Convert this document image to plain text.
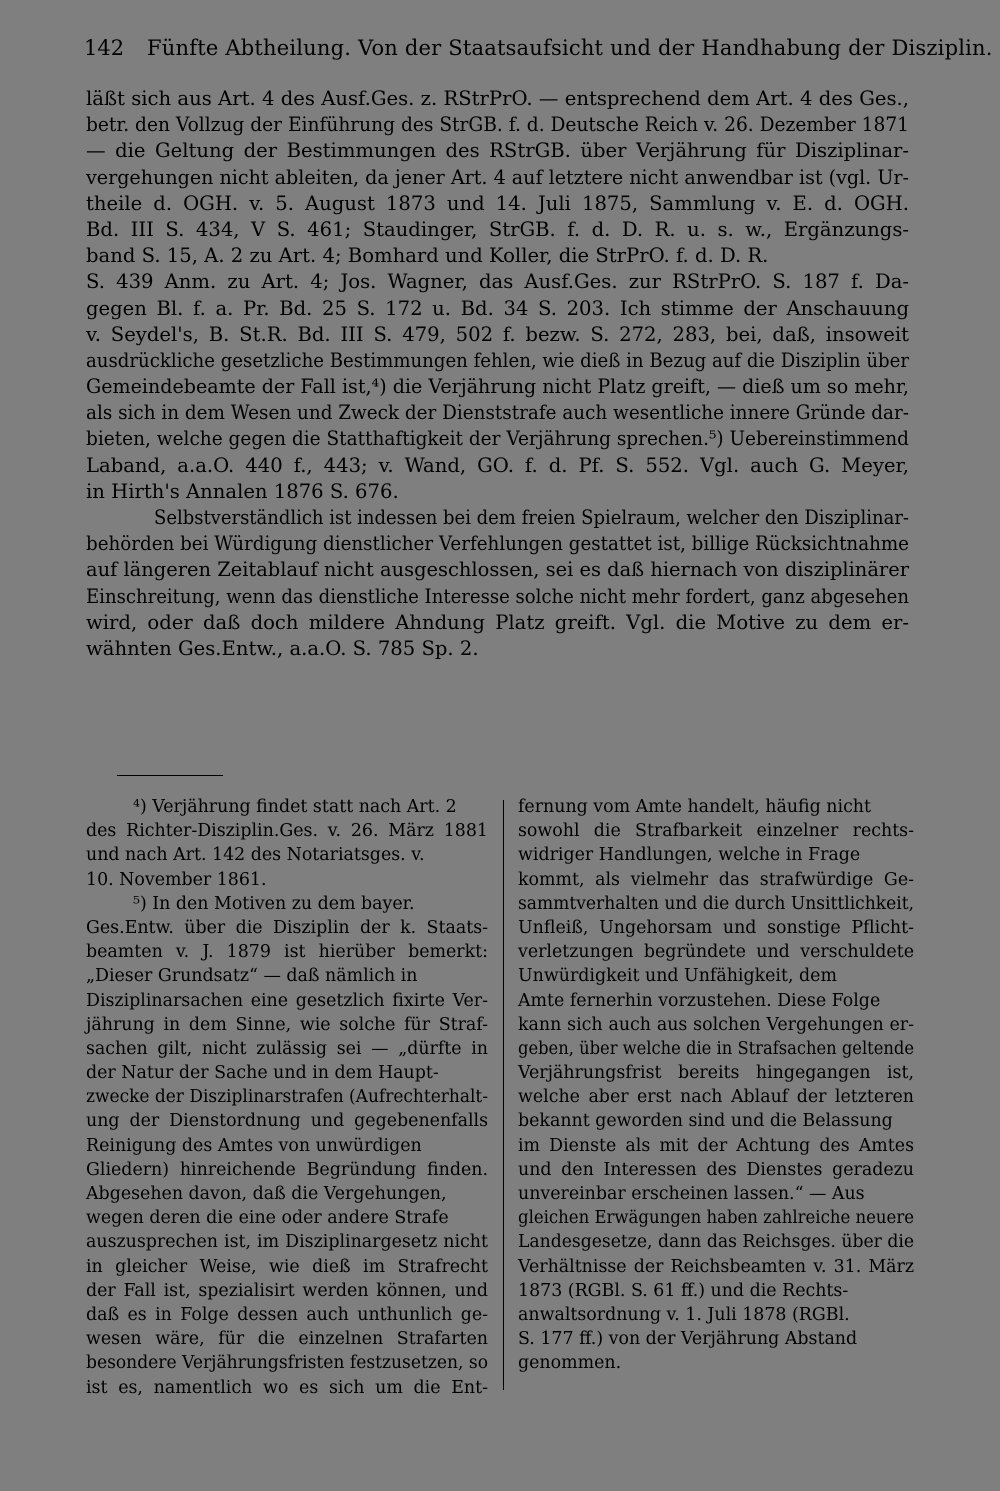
142 Fünfte Abtheilung. Von der Staatsaufsicht und der Handhabung der Disziplin.
läßt sich aus Art. 4 des Ausf.Ges. z. RStrPrO. — entsprechend dem Art. 4 des Ges.,
betr. den Vollzug der Einführung des StrGB. f. d. Deutsche Reich v. 26. Dezember 1871
— die Geltung der Bestimmungen des RStrGB. über Verjährung für Disziplinar-
vergehungen nicht ableiten, da jener Art. 4 auf letztere nicht anwendbar ist (vgl. Ur-
theile d. OGH. v. 5. August 1873 und 14. Juli 1875, Sammlung v. E. d. OGH.
Bd. III S. 434, V S. 461; Staudinger, StrGB. f. d. D. R. u. s. w., Ergänzungs-
band S. 15, A. 2 zu Art. 4; Bomhard und Koller, die StrPrO. f. d. D. R.
S. 439 Anm. zu Art. 4; Jos. Wagner, das Ausf.Ges. zur RStrPrO. S. 187 f. Da-
gegen Bl. f. a. Pr. Bd. 25 S. 172 u. Bd. 34 S. 203. Ich stimme der Anschauung
v. Seydel's, B. St.R. Bd. III S. 479, 502 f. bezw. S. 272, 283, bei, daß, insoweit
ausdrückliche gesetzliche Bestimmungen fehlen, wie dieß in Bezug auf die Disziplin über
Gemeindebeamte der Fall ist,⁴) die Verjährung nicht Platz greift, — dieß um so mehr,
als sich in dem Wesen und Zweck der Dienststrafe auch wesentliche innere Gründe dar-
bieten, welche gegen die Statthaftigkeit der Verjährung sprechen.⁵) Uebereinstimmend
Laband, a.a.O. 440 f., 443; v. Wand, GO. f. d. Pf. S. 552. Vgl. auch G. Meyer,
in Hirth's Annalen 1876 S. 676.
Selbstverständlich ist indessen bei dem freien Spielraum, welcher den Disziplinar-
behörden bei Würdigung dienstlicher Verfehlungen gestattet ist, billige Rücksichtnahme
auf längeren Zeitablauf nicht ausgeschlossen, sei es daß hiernach von disziplinärer
Einschreitung, wenn das dienstliche Interesse solche nicht mehr fordert, ganz abgesehen
wird, oder daß doch mildere Ahndung Platz greift. Vgl. die Motive zu dem er-
wähnten Ges.Entw., a.a.O. S. 785 Sp. 2.
⁴) Verjährung findet statt nach Art. 2
des Richter-Disziplin.Ges. v. 26. März 1881
und nach Art. 142 des Notariatsges. v.
10. November 1861.
⁵) In den Motiven zu dem bayer.
Ges.Entw. über die Disziplin der k. Staats-
beamten v. J. 1879 ist hierüber bemerkt:
„Dieser Grundsatz“ — daß nämlich in
Disziplinarsachen eine gesetzlich fixirte Ver-
jährung in dem Sinne, wie solche für Straf-
sachen gilt, nicht zulässig sei — „dürfte in
der Natur der Sache und in dem Haupt-
zwecke der Disziplinarstrafen (Aufrechterhalt-
ung der Dienstordnung und gegebenenfalls
Reinigung des Amtes von unwürdigen
Gliedern) hinreichende Begründung finden.
Abgesehen davon, daß die Vergehungen,
wegen deren die eine oder andere Strafe
auszusprechen ist, im Disziplinargesetz nicht
in gleicher Weise, wie dieß im Strafrecht
der Fall ist, spezialisirt werden können, und
daß es in Folge dessen auch unthunlich ge-
wesen wäre, für die einzelnen Strafarten
besondere Verjährungsfristen festzusetzen, so
ist es, namentlich wo es sich um die Ent-
fernung vom Amte handelt, häufig nicht
sowohl die Strafbarkeit einzelner rechts-
widriger Handlungen, welche in Frage
kommt, als vielmehr das strafwürdige Ge-
sammtverhalten und die durch Unsittlichkeit,
Unfleiß, Ungehorsam und sonstige Pflicht-
verletzungen begründete und verschuldete
Unwürdigkeit und Unfähigkeit, dem
Amte fernerhin vorzustehen. Diese Folge
kann sich auch aus solchen Vergehungen er-
geben, über welche die in Strafsachen geltende
Verjährungsfrist bereits hingegangen ist,
welche aber erst nach Ablauf der letzteren
bekannt geworden sind und die Belassung
im Dienste als mit der Achtung des Amtes
und den Interessen des Dienstes geradezu
unvereinbar erscheinen lassen.“ — Aus
gleichen Erwägungen haben zahlreiche neuere
Landesgesetze, dann das Reichsges. über die
Verhältnisse der Reichsbeamten v. 31. März
1873 (RGBl. S. 61 ff.) und die Rechts-
anwaltsordnung v. 1. Juli 1878 (RGBl.
S. 177 ff.) von der Verjährung Abstand
genommen.
